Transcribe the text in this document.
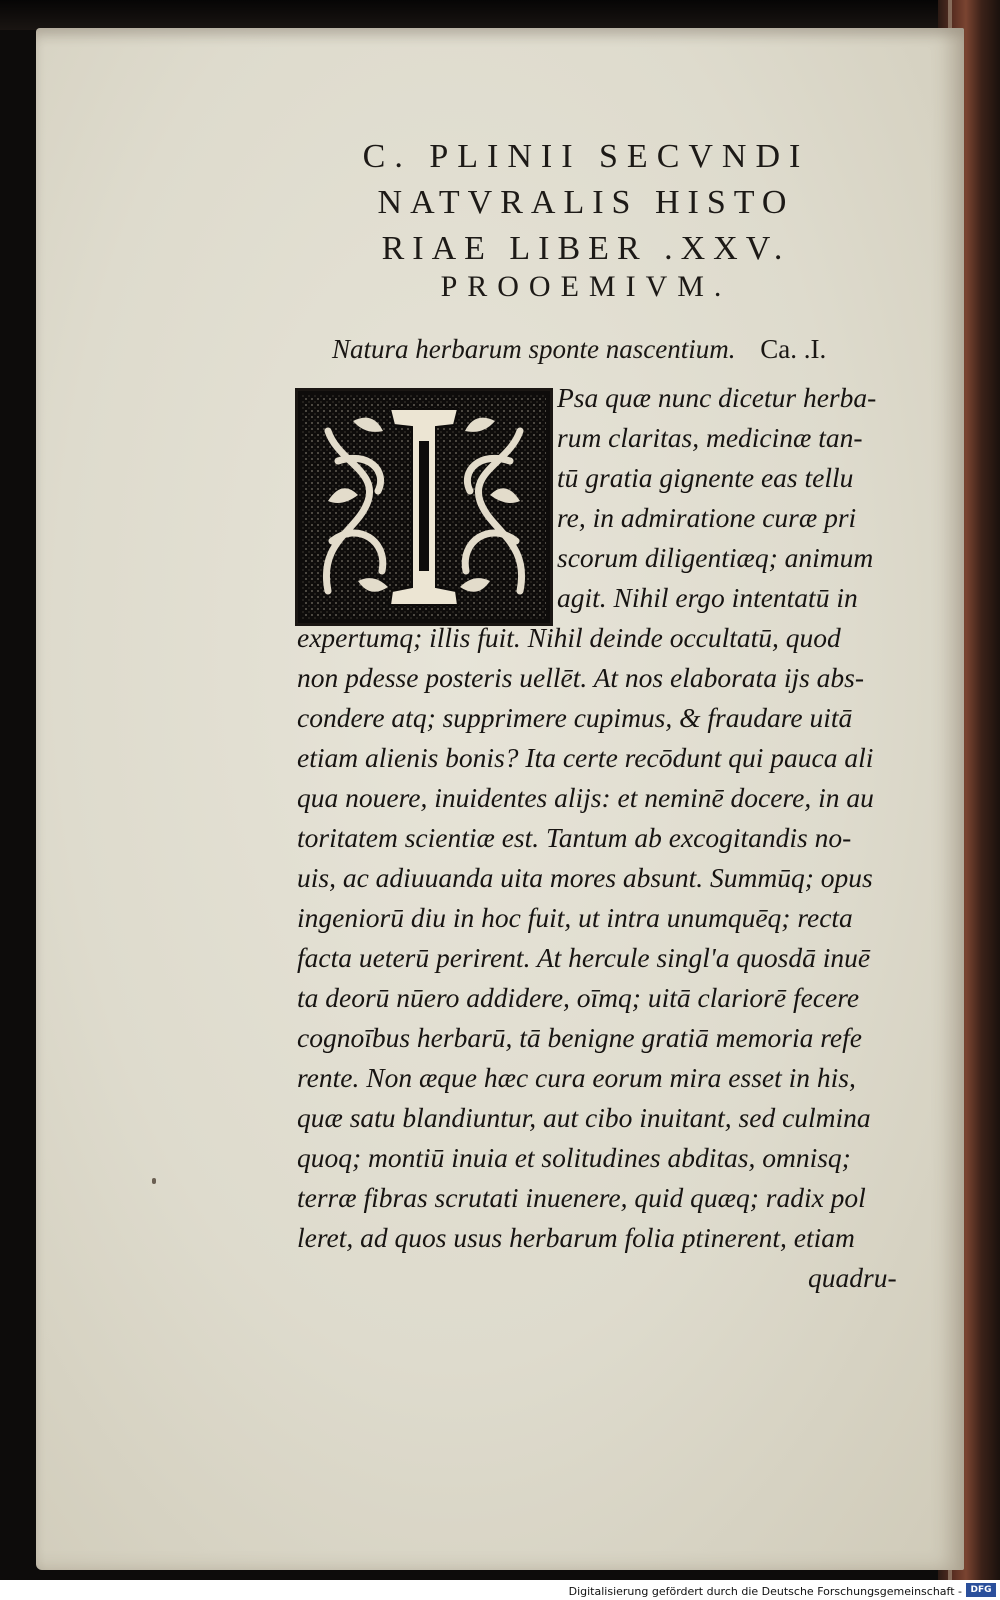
C. PLINII SECVNDI
NATVRALIS HISTO
RIAE LIBER .XXV.
PROOEMIVM.
Natura herbarum sponte nascentium. Ca. .I.
Psa quæ nunc dicetur herba-
rum claritas, medicinæ tan-
tū gratia gignente eas tellu
re, in admiratione curæ pri
scorum diligentiæq; animum
agit. Nihil ergo intentatū in
expertumq; illis fuit. Nihil deinde occultatū, quod
non pdesse posteris uellēt. At nos elaborata ijs abs-
condere atq; supprimere cupimus, & fraudare uitā
etiam alienis bonis? Ita certe recōdunt qui pauca ali
qua nouere, inuidentes alijs: et neminē docere, in au
toritatem scientiæ est. Tantum ab excogitandis no-
uis, ac adiuuanda uita mores absunt. Summūq; opus
ingeniorū diu in hoc fuit, ut intra unumquēq; recta
facta ueterū perirent. At hercule singl'a quosdā inuē
ta deorū nūero addidere, oīmq; uitā clariorē fecere
cognoībus herbarū, tā benigne gratiā memoria refe
rente. Non æque hæc cura eorum mira esset in his,
quæ satu blandiuntur, aut cibo inuitant, sed culmina
quoq; montiū inuia et solitudines abditas, omnisq;
terræ fibras scrutati inuenere, quid quæq; radix pol
leret, ad quos usus herbarum folia ptinerent, etiam
quadru-
Digitalisierung gefördert durch die Deutsche Forschungsgemeinschaft - DFG
